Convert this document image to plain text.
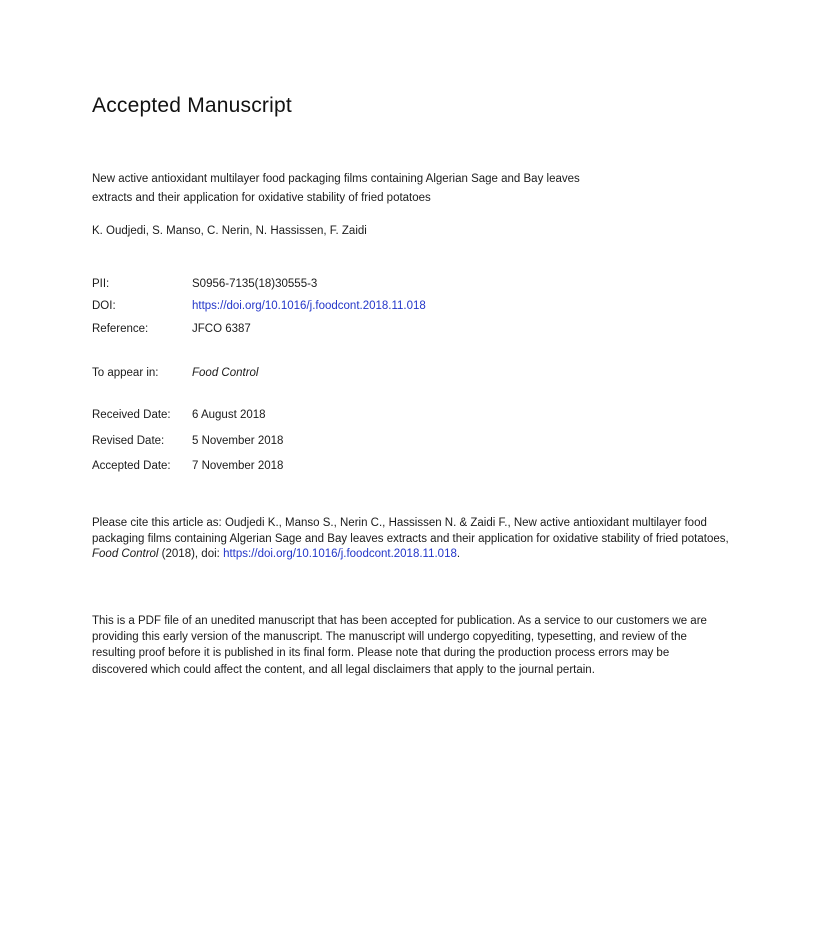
Accepted Manuscript

New active antioxidant multilayer food packaging films containing Algerian Sage and Bay leaves extracts and their application for oxidative stability of fried potatoes

K. Oudjedi, S. Manso, C. Nerin, N. Hassissen, F. Zaidi

PII:	S0956-7135(18)30555-3
DOI:	https://doi.org/10.1016/j.foodcont.2018.11.018
Reference:	JFCO 6387
To appear in:	Food Control
Received Date:	6 August 2018
Revised Date:	5 November 2018
Accepted Date:	7 November 2018

Please cite this article as: Oudjedi K., Manso S., Nerin C., Hassissen N. & Zaidi F., New active antioxidant multilayer food packaging films containing Algerian Sage and Bay leaves extracts and their application for oxidative stability of fried potatoes, Food Control (2018), doi: https://doi.org/10.1016/j.foodcont.2018.11.018.

This is a PDF file of an unedited manuscript that has been accepted for publication. As a service to our customers we are providing this early version of the manuscript. The manuscript will undergo copyediting, typesetting, and review of the resulting proof before it is published in its final form. Please note that during the production process errors may be discovered which could affect the content, and all legal disclaimers that apply to the journal pertain.
